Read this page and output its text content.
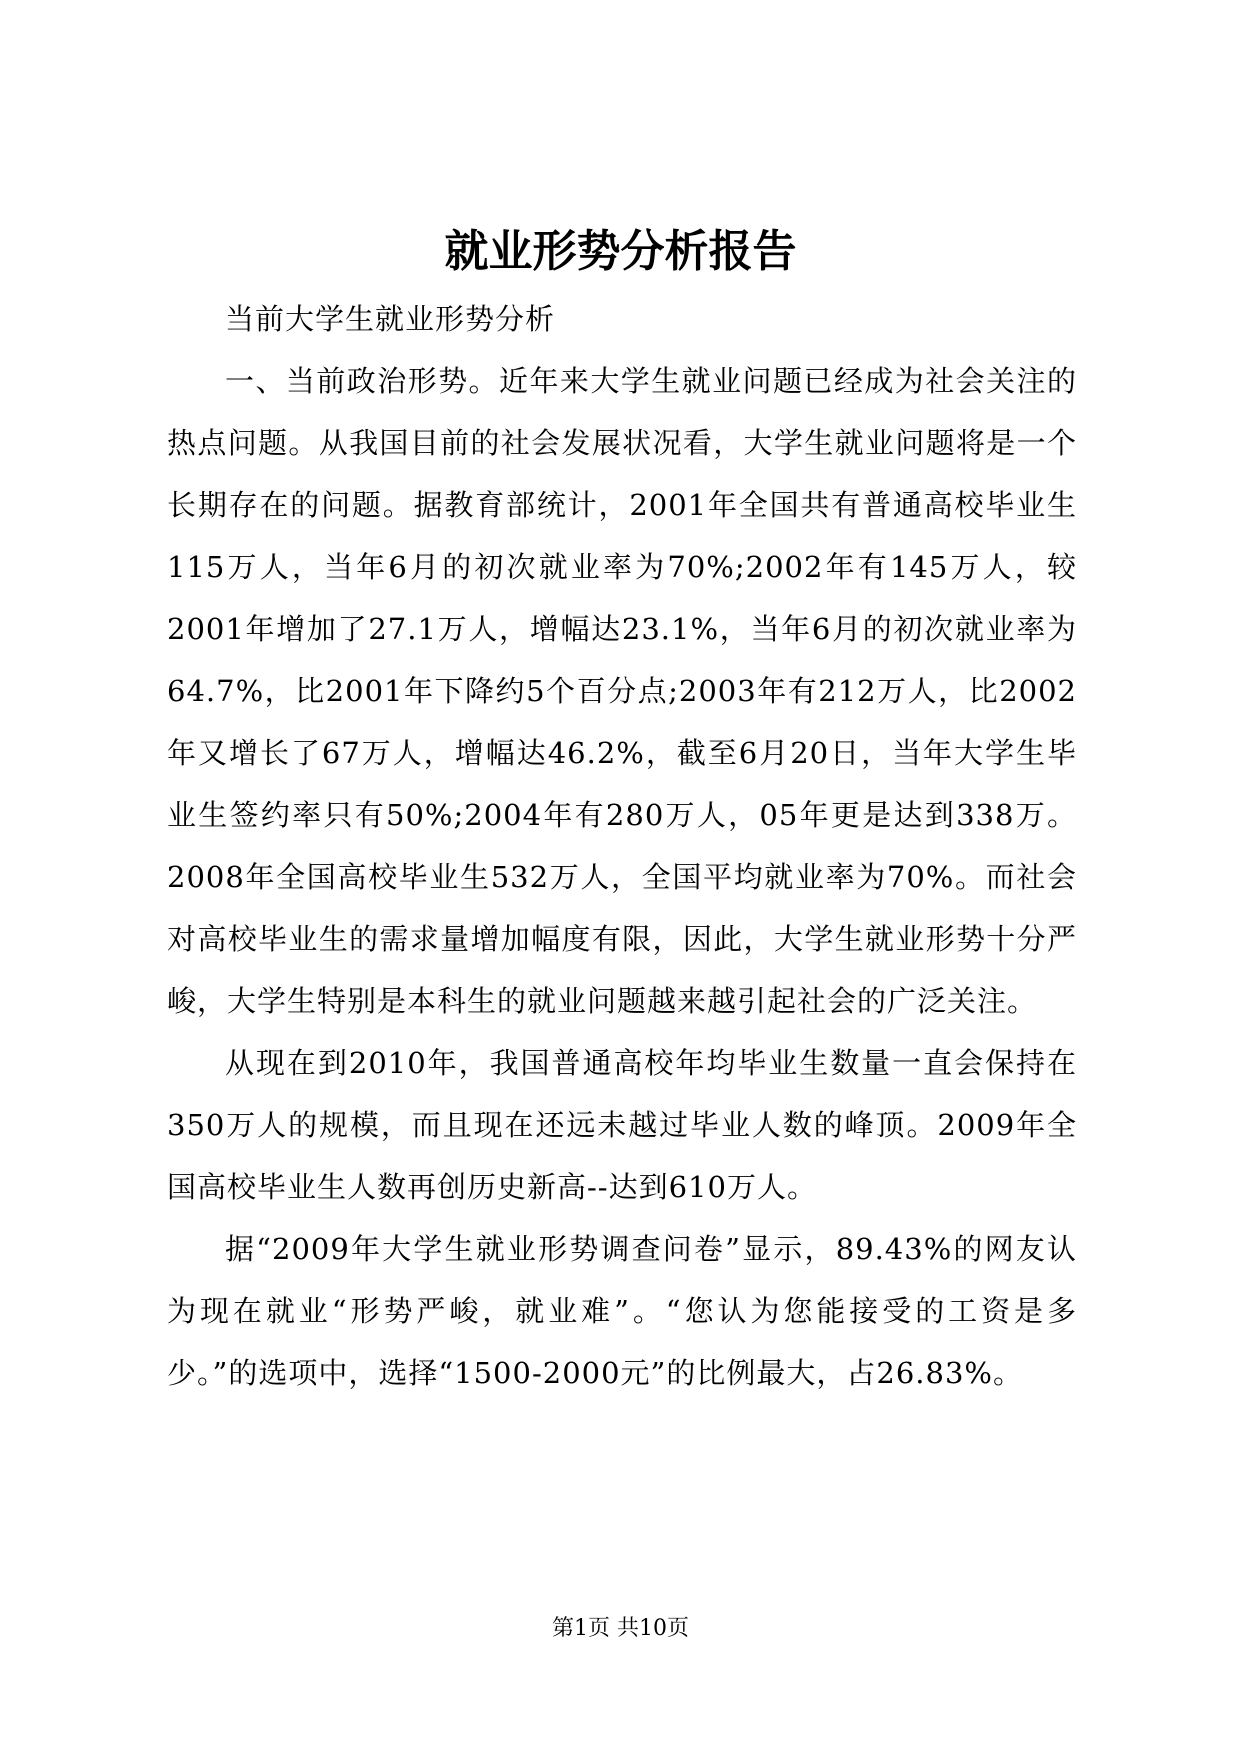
就业形势分析报告

当前大学生就业形势分析

一、当前政治形势。近年来大学生就业问题已经成为社会关注的热点问题。从我国目前的社会发展状况看，大学生就业问题将是一个长期存在的问题。据教育部统计，2001年全国共有普通高校毕业生115万人，当年6月的初次就业率为70%;2002年有145万人，较2001年增加了27.1万人，增幅达23.1%，当年6月的初次就业率为64.7%，比2001年下降约5个百分点;2003年有212万人，比2002年又增长了67万人，增幅达46.2%，截至6月20日，当年大学生毕业生签约率只有50%;2004年有280万人，05年更是达到338万。2008年全国高校毕业生532万人，全国平均就业率为70%。而社会对高校毕业生的需求量增加幅度有限，因此，大学生就业形势十分严峻，大学生特别是本科生的就业问题越来越引起社会的广泛关注。

从现在到2010年，我国普通高校年均毕业生数量一直会保持在350万人的规模，而且现在还远未越过毕业人数的峰顶。2009年全国高校毕业生人数再创历史新高--达到610万人。

据“2009年大学生就业形势调查问卷”显示，89.43%的网友认为现在就业“形势严峻，就业难”。“您认为您能接受的工资是多少。”的选项中，选择“1500-2000元”的比例最大，占26.83%。

第1页 共10页
